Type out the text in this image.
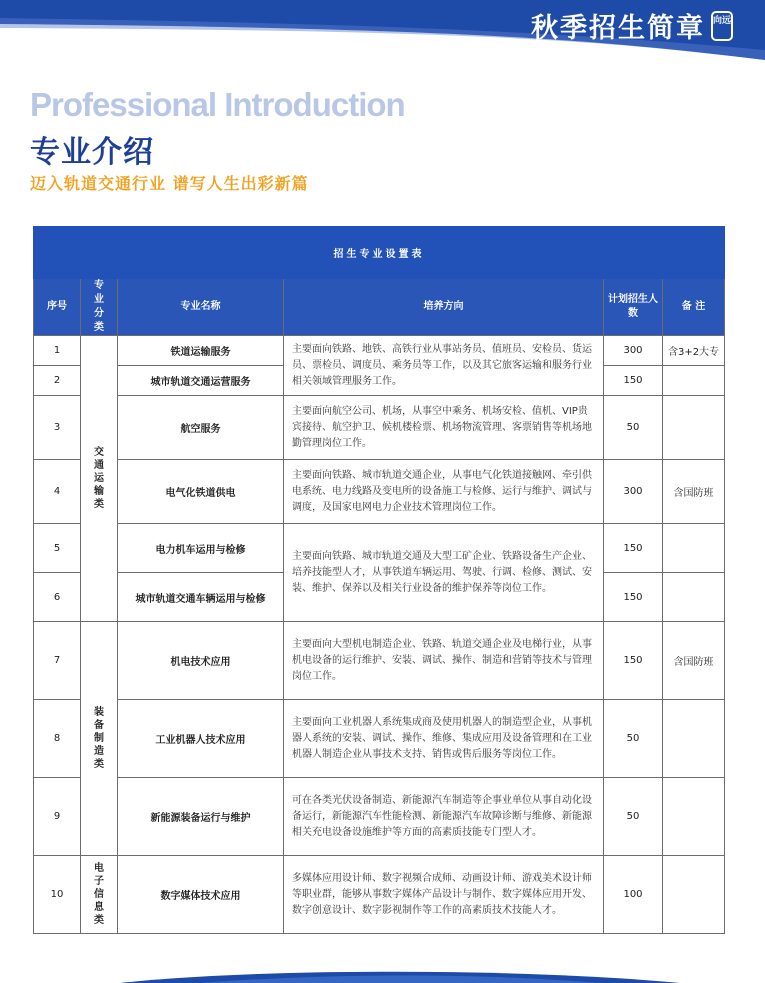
秋季招生简章 向远
Professional Introduction
专业介绍
迈入轨道交通行业 谱写人生出彩新篇
招生专业设置表					
序号	专业分类	专业名称	培养方向	计划招生人数	备 注
1	交通运输类	铁道运输服务	主要面向铁路、地铁、高铁行业从事站务员、值班员、安检员、货运员、票检员、调度员、乘务员等工作，以及其它旅客运输和服务行业相关领域管理服务工作。	300	含3+2大专
2		城市轨道交通运营服务		150	
3		航空服务	主要面向航空公司、机场，从事空中乘务、机场安检、值机、VIP贵宾接待、航空护卫、候机楼检票、机场物流管理、客票销售等机场地勤管理岗位工作。	50	
4		电气化铁道供电	主要面向铁路、城市轨道交通企业，从事电气化铁道接触网、牵引供电系统、电力线路及变电所的设备施工与检修、运行与维护、调试与调度，及国家电网电力企业技术管理岗位工作。	300	含国防班
5		电力机车运用与检修	主要面向铁路、城市轨道交通及大型工矿企业、铁路设备生产企业、培养技能型人才，从事铁道车辆运用、驾驶、行调、检修、测试、安装、维护、保养以及相关行业设备的维护保养等岗位工作。	150	
6		城市轨道交通车辆运用与检修		150	
7	装备制造类	机电技术应用	主要面向大型机电制造企业、铁路、轨道交通企业及电梯行业，从事机电设备的运行维护、安装、调试、操作、制造和营销等技术与管理岗位工作。	150	含国防班
8		工业机器人技术应用	主要面向工业机器人系统集成商及使用机器人的制造型企业，从事机器人系统的安装、调试、操作、维修、集成应用及设备管理和在工业机器人制造企业从事技术支持、销售或售后服务等岗位工作。	50	
9		新能源装备运行与维护	可在各类光伏设备制造、新能源汽车制造等企事业单位从事自动化设备运行，新能源汽车性能检测、新能源汽车故障诊断与维修、新能源相关充电设备设施维护等方面的高素质技能专门型人才。	50	
10	电子信息类	数字媒体技术应用	多媒体应用设计师、数字视频合成师、动画设计师、游戏美术设计师等职业群，能够从事数字媒体产品设计与制作、数字媒体应用开发、数字创意设计、数字影视制作等工作的高素质技术技能人才。	100	
